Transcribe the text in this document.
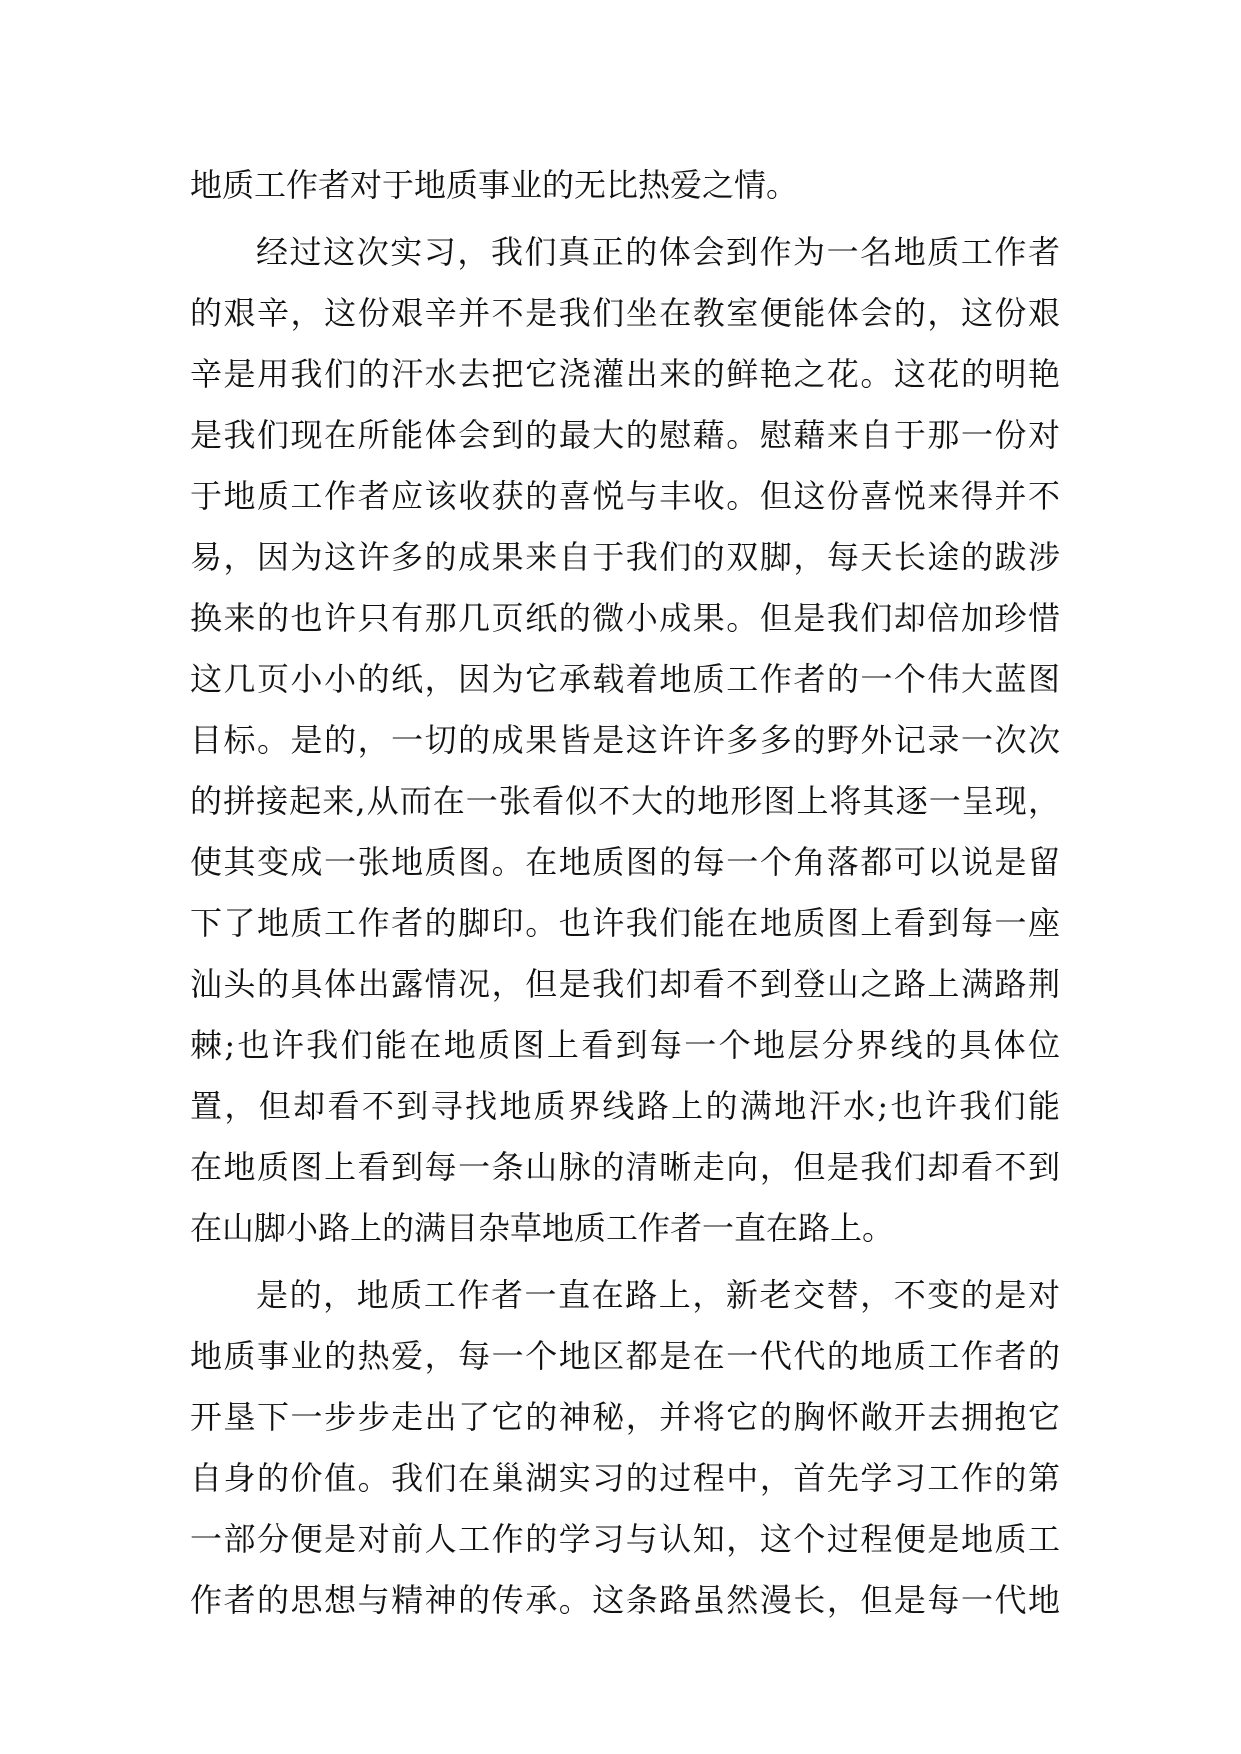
地质工作者对于地质事业的无比热爱之情。
经过这次实习，我们真正的体会到作为一名地质工作者
的艰辛，这份艰辛并不是我们坐在教室便能体会的，这份艰
辛是用我们的汗水去把它浇灌出来的鲜艳之花。这花的明艳
是我们现在所能体会到的最大的慰藉。慰藉来自于那一份对
于地质工作者应该收获的喜悦与丰收。但这份喜悦来得并不
易，因为这许多的成果来自于我们的双脚，每天长途的跋涉
换来的也许只有那几页纸的微小成果。但是我们却倍加珍惜
这几页小小的纸，因为它承载着地质工作者的一个伟大蓝图
目标。是的，一切的成果皆是这许许多多的野外记录一次次
的拼接起来,从而在一张看似不大的地形图上将其逐一呈现，
使其变成一张地质图。在地质图的每一个角落都可以说是留
下了地质工作者的脚印。也许我们能在地质图上看到每一座
汕头的具体出露情况，但是我们却看不到登山之路上满路荆
棘;也许我们能在地质图上看到每一个地层分界线的具体位
置，但却看不到寻找地质界线路上的满地汗水;也许我们能
在地质图上看到每一条山脉的清晰走向，但是我们却看不到
在山脚小路上的满目杂草地质工作者一直在路上。
是的，地质工作者一直在路上，新老交替，不变的是对
地质事业的热爱，每一个地区都是在一代代的地质工作者的
开垦下一步步走出了它的神秘，并将它的胸怀敞开去拥抱它
自身的价值。我们在巢湖实习的过程中，首先学习工作的第
一部分便是对前人工作的学习与认知，这个过程便是地质工
作者的思想与精神的传承。这条路虽然漫长，但是每一代地
